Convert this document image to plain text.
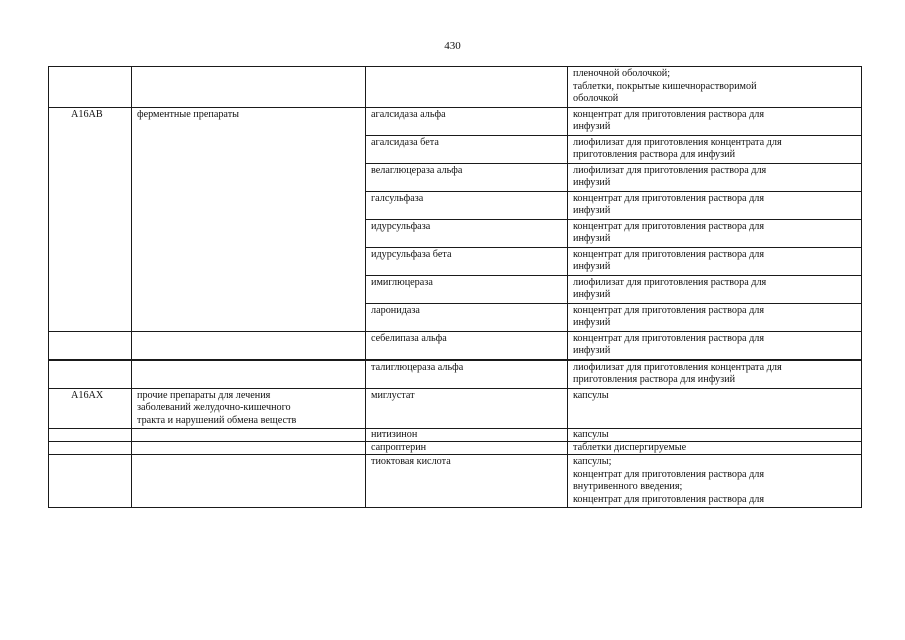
430
			пленочной оболочкой;
таблетки, покрытые кишечнорастворимой
оболочкой
A16AB	ферментные препараты	агалсидаза альфа	концентрат для приготовления раствора для
инфузий
		агалсидаза бета	лиофилизат для приготовления концентрата для
приготовления раствора для инфузий
		велаглюцераза альфа	лиофилизат для приготовления раствора для
инфузий
		галсульфаза	концентрат для приготовления раствора для
инфузий
		идурсульфаза	концентрат для приготовления раствора для
инфузий
		идурсульфаза бета	концентрат для приготовления раствора для
инфузий
		имиглюцераза	лиофилизат для приготовления раствора для
инфузий
		ларонидаза	концентрат для приготовления раствора для
инфузий
		себелипаза альфа	концентрат для приготовления раствора для
инфузий
		талиглюцераза альфа	лиофилизат для приготовления концентрата для
приготовления раствора для инфузий
A16AX	прочие препараты для лечения
заболеваний желудочно-кишечного
тракта и нарушений обмена веществ	миглустат	капсулы
		нитизинон	капсулы
		сапроптерин	таблетки диспергируемые
		тиоктовая кислота	капсулы;
концентрат для приготовления раствора для
внутривенного введения;
концентрат для приготовления раствора для
